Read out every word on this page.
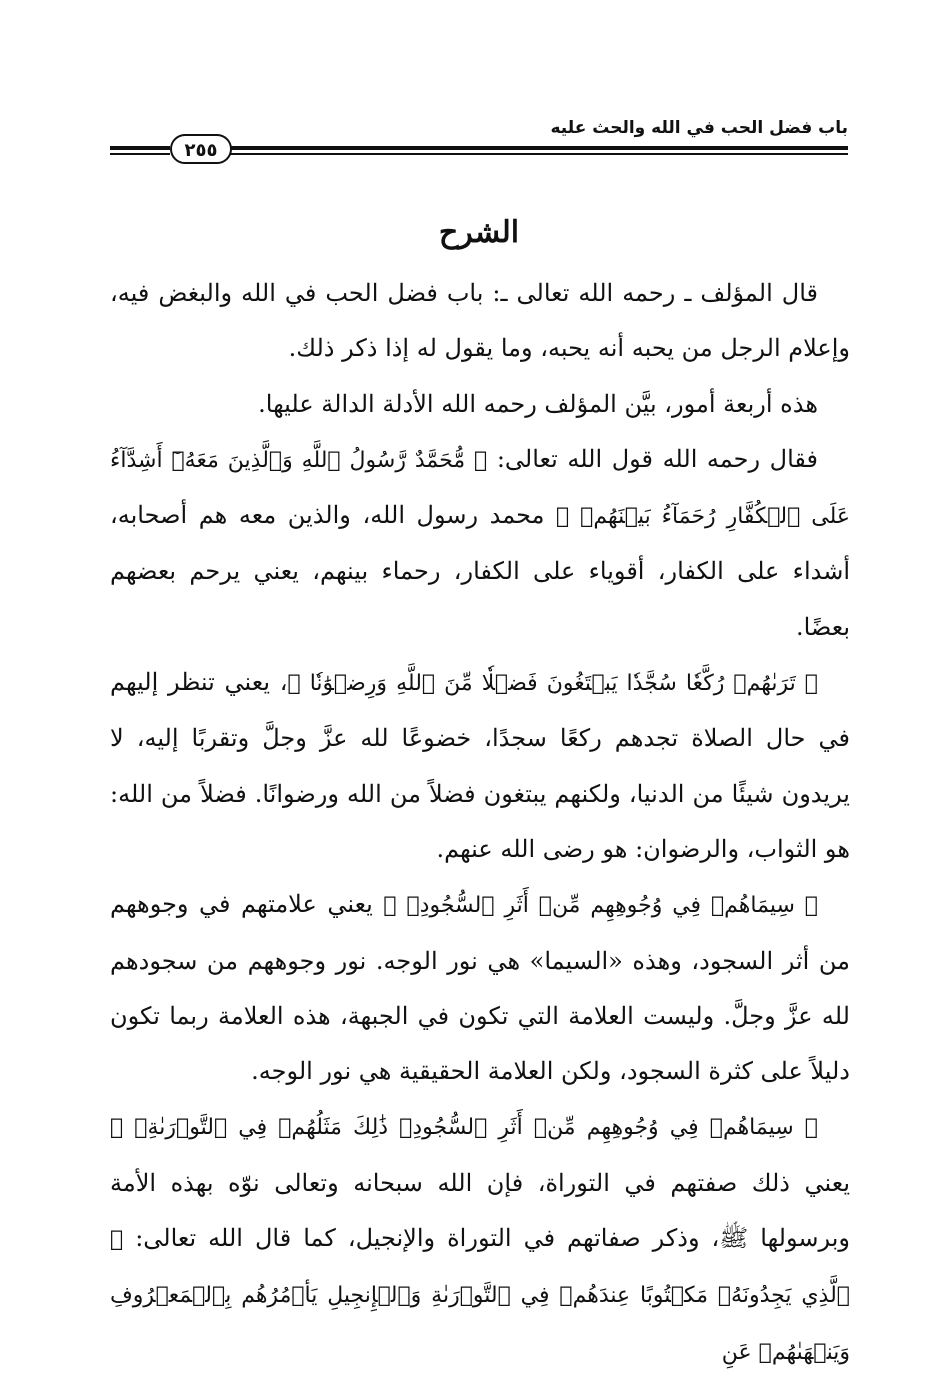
باب فضل الحب في الله والحث عليه
٢٥٥
الشرح

قال المؤلف ـ رحمه الله تعالى ـ: باب فضل الحب في الله والبغض فيه، وإعلام الرجل من يحبه أنه يحبه، وما يقول له إذا ذكر ذلك.

هذه أربعة أمور، بيَّن المؤلف رحمه الله الأدلة الدالة عليها.

فقال رحمه الله قول الله تعالى: ﴿ مُّحَمَّدٌ رَّسُولُ ٱللَّهِ وَٱلَّذِينَ مَعَهُۥٓ أَشِدَّآءُ عَلَى ٱلۡكُفَّارِ رُحَمَآءُ بَيۡنَهُمۡ ﴾ محمد رسول الله، والذين معه هم أصحابه، أشداء على الكفار، أقوياء على الكفار، رحماء بينهم، يعني يرحم بعضهم بعضًا.

﴿ تَرَىٰهُمۡ رُكَّعٗا سُجَّدٗا يَبۡتَغُونَ فَضۡلٗا مِّنَ ٱللَّهِ وَرِضۡوَٰنٗا ﴾، يعني تنظر إليهم في حال الصلاة تجدهم ركعًا سجدًا، خضوعًا لله عزَّ وجلَّ وتقربًا إليه، لا يريدون شيئًا من الدنيا، ولكنهم يبتغون فضلاً من الله ورضوانًا. فضلاً من الله: هو الثواب، والرضوان: هو رضى الله عنهم.

﴿ سِيمَاهُمۡ فِي وُجُوهِهِم مِّنۡ أَثَرِ ٱلسُّجُودِۚ ﴾ يعني علامتهم في وجوههم من أثر السجود، وهذه «السيما» هي نور الوجه. نور وجوههم من سجودهم لله عزَّ وجلَّ. وليست العلامة التي تكون في الجبهة، هذه العلامة ربما تكون دليلاً على كثرة السجود، ولكن العلامة الحقيقية هي نور الوجه.

﴿ سِيمَاهُمۡ فِي وُجُوهِهِم مِّنۡ أَثَرِ ٱلسُّجُودِۚ ذَٰلِكَ مَثَلُهُمۡ فِي ٱلتَّوۡرَىٰةِۚ ﴾ يعني ذلك صفتهم في التوراة، فإن الله سبحانه وتعالى نوّه بهذه الأمة وبرسولها ﷺ، وذكر صفاتهم في التوراة والإنجيل، كما قال الله تعالى: ﴿ ٱلَّذِي يَجِدُونَهُۥ مَكۡتُوبًا عِندَهُمۡ فِي ٱلتَّوۡرَىٰةِ وَٱلۡإِنجِيلِ يَأۡمُرُهُم بِٱلۡمَعۡرُوفِ وَيَنۡهَىٰهُمۡ عَنِ
